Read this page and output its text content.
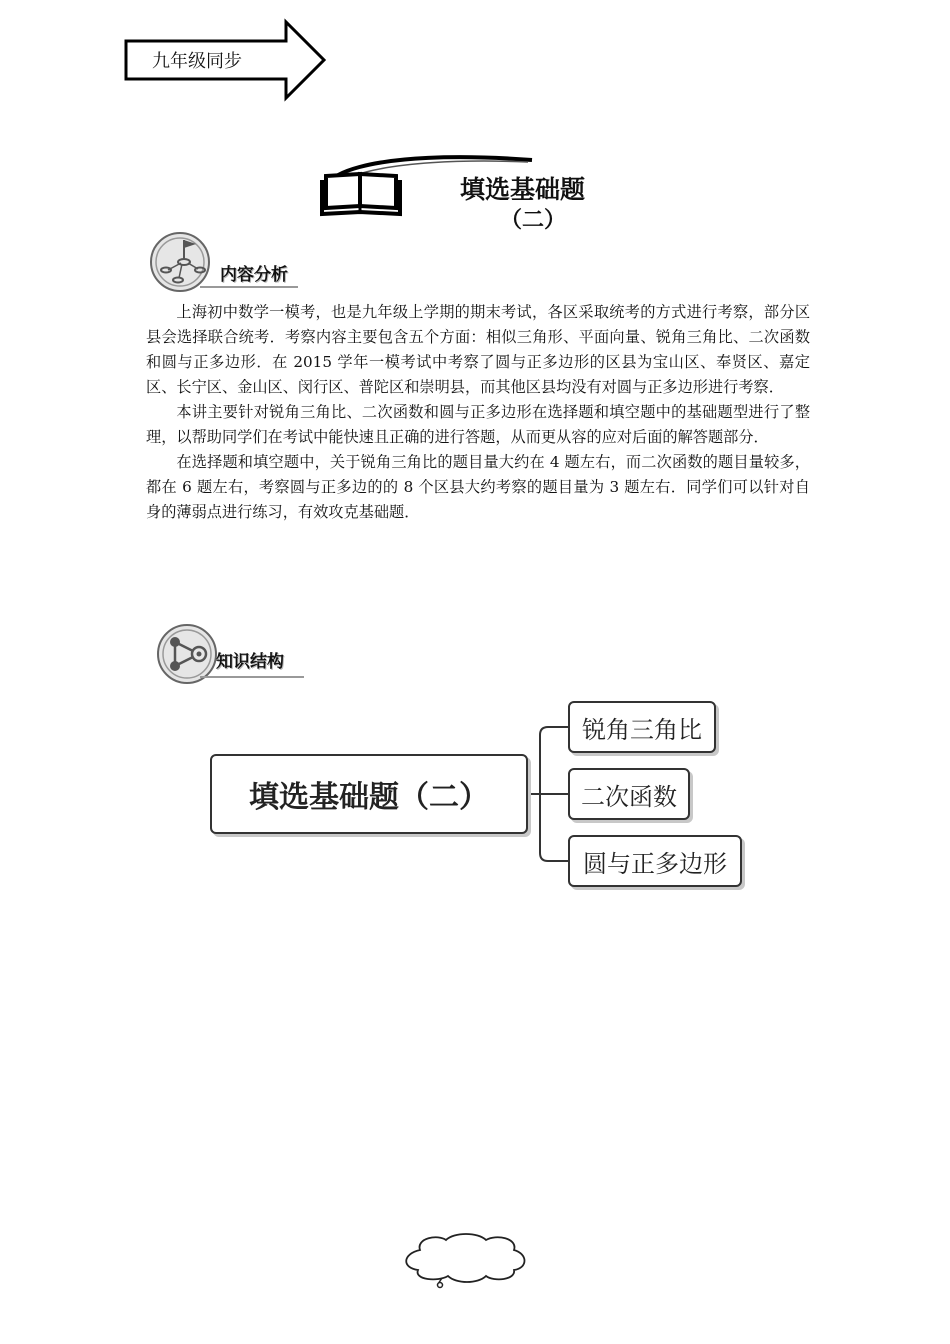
九年级同步
填选基础题
（二）
内容分析

上海初中数学一模考，也是九年级上学期的期末考试，各区采取统考的方式进行考察，部分区县会选择联合统考．考察内容主要包含五个方面：相似三角形、平面向量、锐角三角比、二次函数和圆与正多边形．在 2015 学年一模考试中考察了圆与正多边形的区县为宝山区、奉贤区、嘉定区、长宁区、金山区、闵行区、普陀区和崇明县，而其他区县均没有对圆与正多边形进行考察．

本讲主要针对锐角三角比、二次函数和圆与正多边形在选择题和填空题中的基础题型进行了整理，以帮助同学们在考试中能快速且正确的进行答题，从而更从容的应对后面的解答题部分．

在选择题和填空题中，关于锐角三角比的题目量大约在 4 题左右，而二次函数的题目量较多，都在 6 题左右，考察圆与正多边的的 8 个区县大约考察的题目量为 3 题左右．同学们可以针对自身的薄弱点进行练习，有效攻克基础题．

知识结构
填选基础题（二）
锐角三角比
二次函数
圆与正多边形
